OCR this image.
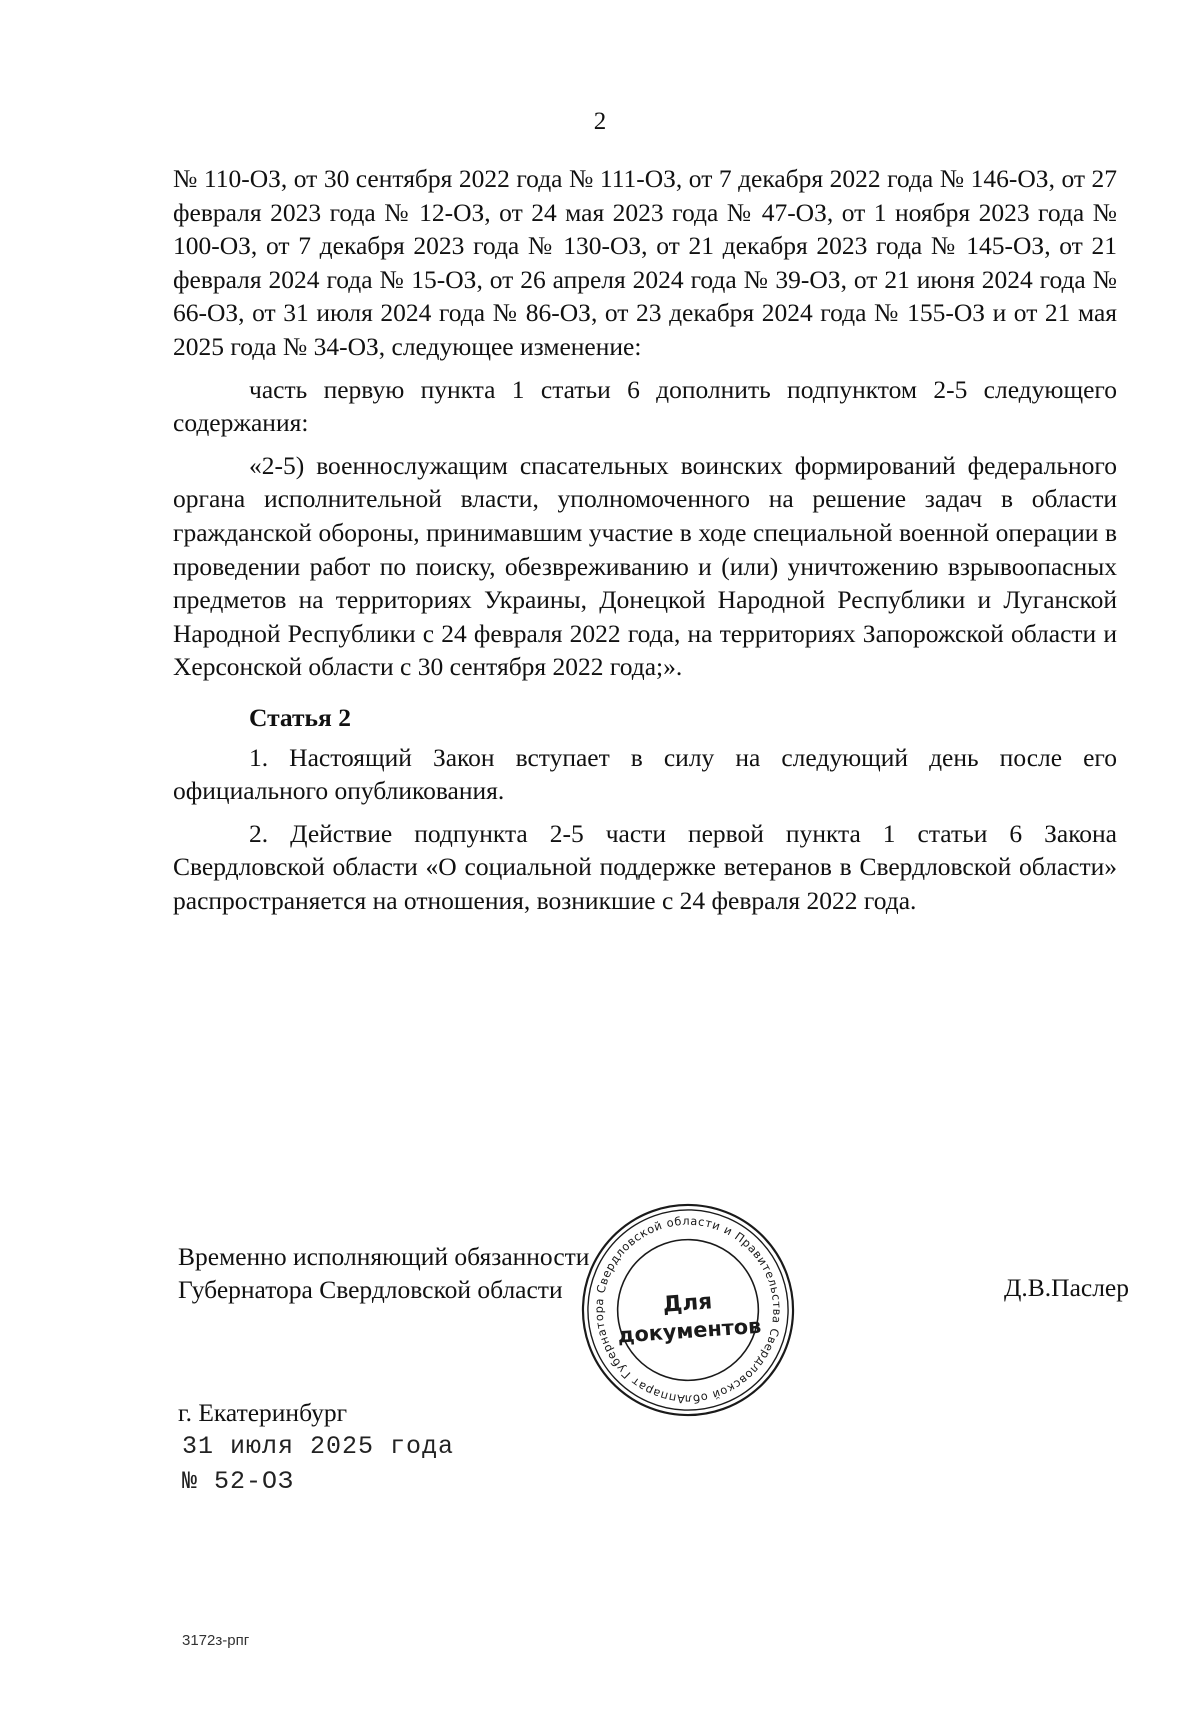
2

№ 110-ОЗ, от 30 сентября 2022 года № 111-ОЗ, от 7 декабря 2022 года № 146-ОЗ, от 27 февраля 2023 года № 12-ОЗ, от 24 мая 2023 года № 47-ОЗ, от 1 ноября 2023 года № 100-ОЗ, от 7 декабря 2023 года № 130-ОЗ, от 21 декабря 2023 года № 145-ОЗ, от 21 февраля 2024 года № 15-ОЗ, от 26 апреля 2024 года № 39-ОЗ, от 21 июня 2024 года № 66-ОЗ, от 31 июля 2024 года № 86-ОЗ, от 23 декабря 2024 года № 155-ОЗ и от 21 мая 2025 года № 34-ОЗ, следующее изменение:

часть первую пункта 1 статьи 6 дополнить подпунктом 2-5 следующего содержания:

«2-5) военнослужащим спасательных воинских формирований федерального органа исполнительной власти, уполномоченного на решение задач в области гражданской обороны, принимавшим участие в ходе специальной военной операции в проведении работ по поиску, обезвреживанию и (или) уничтожению взрывоопасных предметов на территориях Украины, Донецкой Народной Республики и Луганской Народной Республики с 24 февраля 2022 года, на территориях Запорожской области и Херсонской области с 30 сентября 2022 года;».

Статья 2

1. Настоящий Закон вступает в силу на следующий день после его официального опубликования.

2. Действие подпункта 2-5 части первой пункта 1 статьи 6 Закона Свердловской области «О социальной поддержке ветеранов в Свердловской области» распространяется на отношения, возникшие с 24 февраля 2022 года.

Временно исполняющий обязанности
Губернатора Свердловской области
Аппарат Губернатора Свердловской области и Правительства Свердловской области
Для
документов
Д.В.Паслер
г. Екатеринбург
31 июля 2025 года
№ 52-ОЗ
3172з-рпг
